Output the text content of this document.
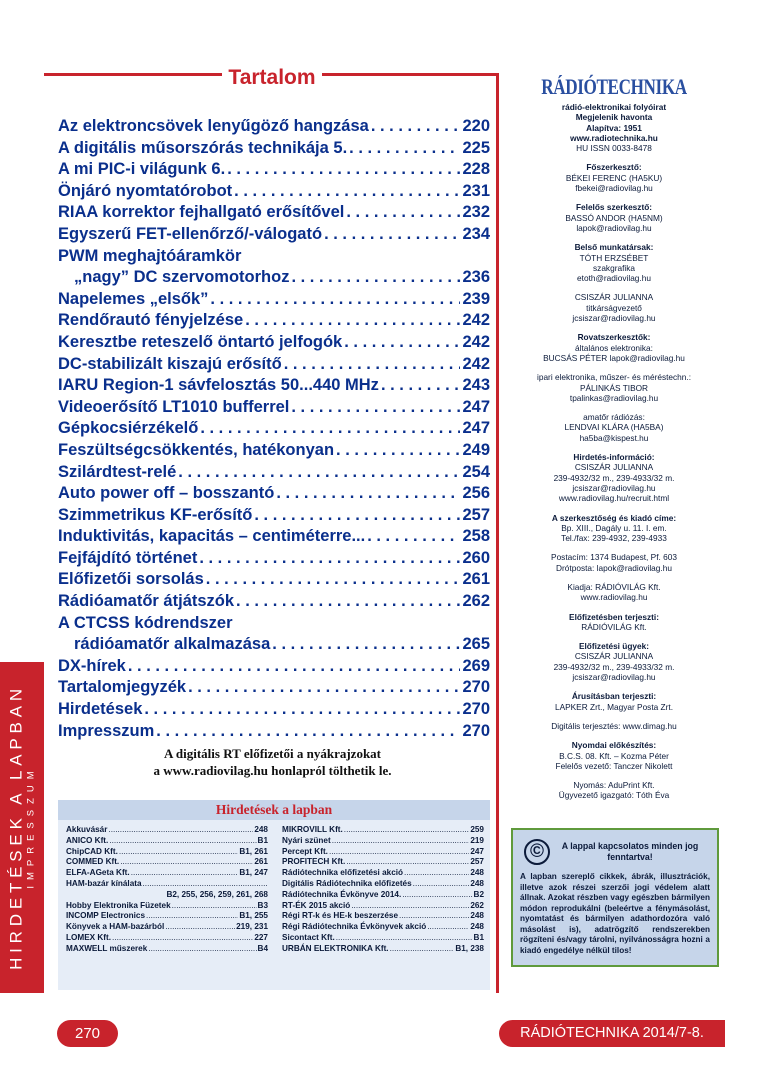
HIRDETÉSEK A LAPBAN IMPRESSZUM
Tartalom
Az elektroncsövek lenyűgöző hangzása . . .	220
A digitális műsorszórás technikája 5. . . .	225
A mi PIC-i világunk 6. . . .	228
Önjáró nyomtatórobot . . .	231
RIAA korrektor fejhallgató erősítővel . . .	232
Egyszerű FET-ellenőrző/-válogató . . .	234
PWM meghajtóáramkör
„nagy” DC szervomotorhoz . . .	236
Napelemes „elsők” . . .	239
Rendőrautó fényjelzése . . .	242
Keresztbe reteszelő öntartó jelfogók . . .	242
DC-stabilizált kiszajú erősítő . . .	242
IARU Region-1 sávfelosztás 50...440 MHz . . .	243
Videoerősítő LT1010 bufferrel . . .	247
Gépkocsiérzékelő . . .	247
Feszültségcsökkentés, hatékonyan . . .	249
Szilárdtest-relé . . .	254
Auto power off – bosszantó . . .	256
Szimmetrikus KF-erősítő . . .	257
Induktivitás, kapacitás – centiméterre... . . .	258
Fejfájdító történet . . .	260
Előfizetői sorsolás . . .	261
Rádióamatőr átjátszók . . .	262
A CTCSS kódrendszer
rádióamatőr alkalmazása . . .	265
DX-hírek . . .	269
Tartalomjegyzék . . .	270
Hirdetések . . .	270
Impresszum . . .	270
A digitális RT előfizetői a nyákrajzokat
a www.radiovilag.hu honlapról tölthetik le.
Hirdetések a lapban
Akkuvásár .....	248
ANICO Kft. .....	B1
ChipCAD Kft. .....	B1, 261
COMMED Kft. .....	261
ELFA-AGeta Kft. .....	B1, 247
HAM-bazár kínálata
.....
B2, 255, 256, 259, 261, 268
Hobby Elektronika Füzetek .....	B3
INCOMP Electronics .....	B1, 255
Könyvek a HAM-bazárból .....	219, 231
LOMEX Kft. .....	227
MAXWELL műszerek .....	B4
MIKROVILL Kft. .....	259
Nyári szünet .....	219
Percept Kft. .....	247
PROFITECH Kft. .....	257
Rádiótechnika előfizetési akció .....	248
Digitális Rádiótechnika előfizetés .....	248
Rádiótechnika Évkönyve 2014. .....	B2
RT-ÉK 2015 akció .....	262
Régi RT-k és HE-k beszerzése .....	248
Régi Rádiótechnika Évkönyvek akció .....	248
Sicontact Kft. .....	B1
URBÁN ELEKTRONIKA Kft. .....	B1, 238
RÁDIÓTECHNIKA
rádió-elektronikai folyóirat
Megjelenik havonta
Alapítva: 1951
www.radiotechnika.hu
HU ISSN 0033-8478
Főszerkesztő:
BÉKEI FERENC (HA5KU)
fbekei@radiovilag.hu
Felelős szerkesztő:
BASSÓ ANDOR (HA5NM)
lapok@radiovilag.hu
Belső munkatársak:
TÓTH ERZSÉBET
szakgrafika
etoth@radiovilag.hu
CSISZÁR JULIANNA
titkárságvezető
jcsiszar@radiovilag.hu
Rovatszerkesztők:
általános elektronika:
BUCSÁS PÉTER lapok@radiovilag.hu
ipari elektronika, műszer- és méréstechn.:
PÁLINKÁS TIBOR
tpalinkas@radiovilag.hu
amatőr rádiózás:
LENDVAI KLÁRA (HA5BA)
ha5ba@kispest.hu
Hirdetés-információ:
CSISZÁR JULIANNA
239-4932/32 m., 239-4933/32 m.
jcsiszar@radiovilag.hu
www.radiovilag.hu/recruit.html
A szerkesztőség és kiadó címe:
Bp. XIII., Dagály u. 11. I. em.
Tel./fax: 239-4932, 239-4933
Postacím: 1374 Budapest, Pf. 603
Drótposta: lapok@radiovilag.hu
Kiadja: RÁDIÓVILÁG Kft.
www.radiovilag.hu
Előfizetésben terjeszti:
RÁDIÓVILÁG Kft.
Előfizetési ügyek:
CSISZÁR JULIANNA
239-4932/32 m., 239-4933/32 m.
jcsiszar@radiovilag.hu
Árusításban terjeszti:
LAPKER Zrt., Magyar Posta Zrt.
Digitális terjesztés: www.dimag.hu
Nyomdai előkészítés:
B.C.S. 08. Kft. – Kozma Péter
Felelős vezető: Tanczer Nikolett
Nyomás: AduPrint Kft.
Ügyvezető igazgató: Tóth Éva
©	A lappal kapcsolatos minden jog fenntartva!
A lapban szereplő cikkek, ábrák, illusztrációk, illetve azok részei szerzői jogi védelem alatt állnak. Azokat részben vagy egészben bármilyen módon reprodukálni (beleértve a fénymásolást, nyomtatást és bármilyen adathordozóra való másolást is), adatrögzítő rendszerekben rögzíteni és/vagy tárolni, nyilvánosságra hozni a kiadó engedélye nélkül tilos!
270	RÁDIÓTECHNIKA 2014/7-8.
